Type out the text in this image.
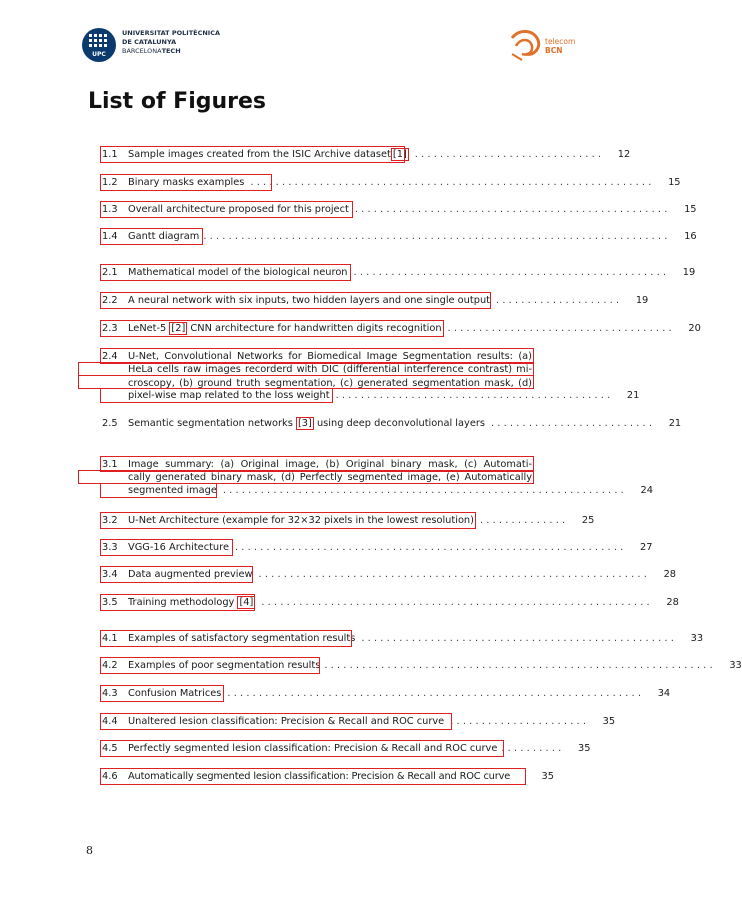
UPC
UNIVERSITAT POLITÈCNICA
DE CATALUNYA
BARCELONATECH
telecom
BCN
List of Figures
1.1	Sample images created from the ISIC Archive dataset [1] ..............................	12
1.2	Binary masks examples ................................................................	15
1.3	Overall architecture proposed for this project ..................................................	15
1.4	Gantt diagram ..........................................................................	16
2.1	Mathematical model of the biological neuron ..................................................	19
2.2	A neural network with six inputs, two hidden layers and one single output ....................	19
2.3	LeNet-5 [2] CNN architecture for handwritten digits recognition ....................................	20
2.4	U-Net, Convolutional Networks for Biomedical Image Segmentation results: (a)
HeLa cells raw images recorderd with DIC (differential interference contrast) mi-
croscopy, (b) ground truth segmentation, (c) generated segmentation mask, (d)
pixel-wise map related to the loss weight ............................................	21
2.5	Semantic segmentation networks [3] using deep deconvolutional layers ..........................	21
3.1	Image summary: (a) Original image, (b) Original binary mask, (c) Automati-
cally generated binary mask, (d) Perfectly segmented image, (e) Automatically
segmented image ................................................................	24
3.2	U-Net Architecture (example for 32×32 pixels in the lowest resolution) ..............	25
3.3	VGG-16 Architecture ..............................................................	27
3.4	Data augmented preview ..............................................................	28
3.5	Training methodology [4] ..............................................................	28
4.1	Examples of satisfactory segmentation results ..................................................	33
4.2	Examples of poor segmentation results ..............................................................	33
4.3	Confusion Matrices ..................................................................	34
4.4	Unaltered lesion classification: Precision & Recall and ROC curve ......................	35
4.5	Perfectly segmented lesion classification: Precision & Recall and ROC curve ..........	35
4.6	Automatically segmented lesion classification: Precision & Recall and ROC curve	35
8
